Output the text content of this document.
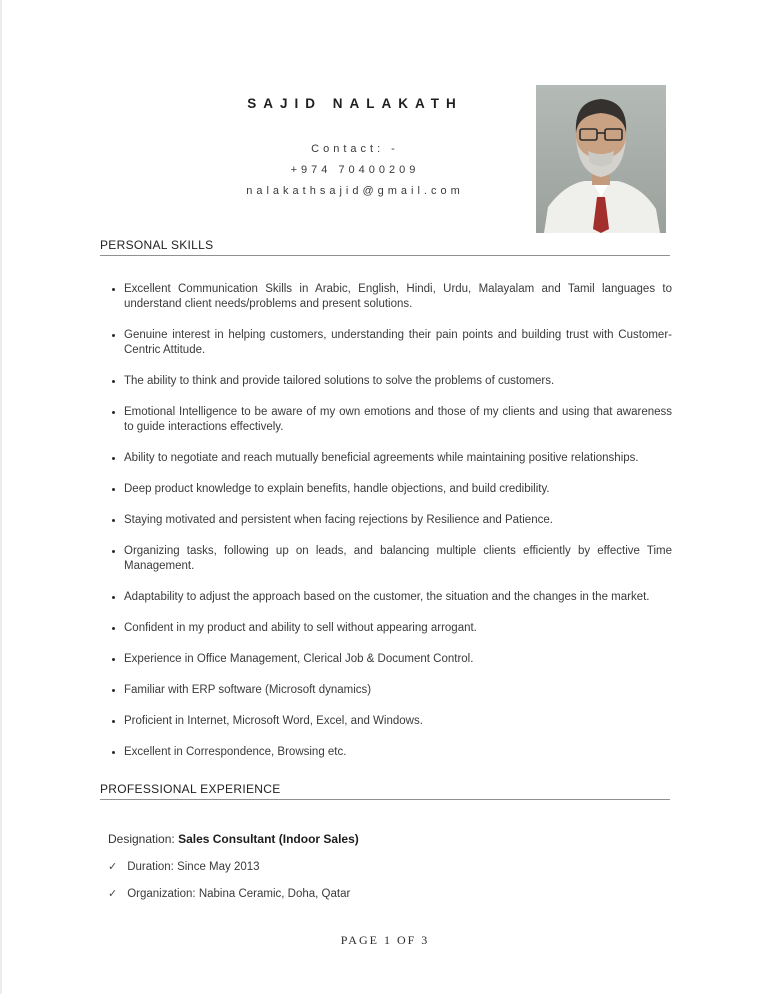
SAJID NALAKATH

Contact: -

+974 70400209

nalakathsajid@gmail.com

PERSONAL SKILLS
• Excellent Communication Skills in Arabic, English, Hindi, Urdu, Malayalam and Tamil languages to understand client needs/problems and present solutions.
• Genuine interest in helping customers, understanding their pain points and building trust with Customer-Centric Attitude.
• The ability to think and provide tailored solutions to solve the problems of customers.
• Emotional Intelligence to be aware of my own emotions and those of my clients and using that awareness to guide interactions effectively.
• Ability to negotiate and reach mutually beneficial agreements while maintaining positive relationships.
• Deep product knowledge to explain benefits, handle objections, and build credibility.
• Staying motivated and persistent when facing rejections by Resilience and Patience.
• Organizing tasks, following up on leads, and balancing multiple clients efficiently by effective Time Management.
• Adaptability to adjust the approach based on the customer, the situation and the changes in the market.
• Confident in my product and ability to sell without appearing arrogant.
• Experience in Office Management, Clerical Job & Document Control.
• Familiar with ERP software (Microsoft dynamics)
• Proficient in Internet, Microsoft Word, Excel, and Windows.
• Excellent in Correspondence, Browsing etc.
PROFESSIONAL EXPERIENCE

Designation: Sales Consultant (Indoor Sales)

✓ Duration: Since May 2013

✓ Organization: Nabina Ceramic, Doha, Qatar

PAGE 1 OF 3
